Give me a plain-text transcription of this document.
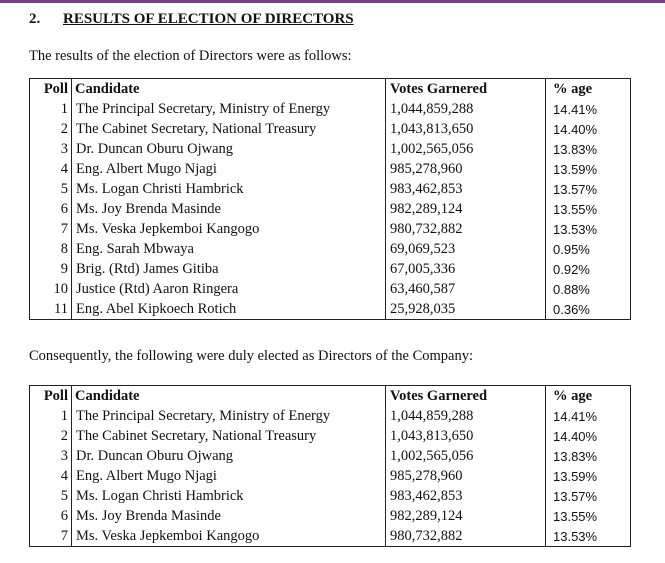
2. RESULTS OF ELECTION OF DIRECTORS
The results of the election of Directors were as follows:
Poll	Candidate	Votes Garnered	% age
1	The Principal Secretary, Ministry of Energy	1,044,859,288	14.41%
2	The Cabinet Secretary, National Treasury	1,043,813,650	14.40%
3	Dr. Duncan Oburu Ojwang	1,002,565,056	13.83%
4	Eng. Albert Mugo Njagi	985,278,960	13.59%
5	Ms. Logan Christi Hambrick	983,462,853	13.57%
6	Ms. Joy Brenda Masinde	982,289,124	13.55%
7	Ms. Veska Jepkemboi Kangogo	980,732,882	13.53%
8	Eng. Sarah Mbwaya	69,069,523	0.95%
9	Brig. (Rtd) James Gitiba	67,005,336	0.92%
10	Justice (Rtd) Aaron Ringera	63,460,587	0.88%
11	Eng. Abel Kipkoech Rotich	25,928,035	0.36%
Consequently, the following were duly elected as Directors of the Company:
Poll	Candidate	Votes Garnered	% age
1	The Principal Secretary, Ministry of Energy	1,044,859,288	14.41%
2	The Cabinet Secretary, National Treasury	1,043,813,650	14.40%
3	Dr. Duncan Oburu Ojwang	1,002,565,056	13.83%
4	Eng. Albert Mugo Njagi	985,278,960	13.59%
5	Ms. Logan Christi Hambrick	983,462,853	13.57%
6	Ms. Joy Brenda Masinde	982,289,124	13.55%
7	Ms. Veska Jepkemboi Kangogo	980,732,882	13.53%
